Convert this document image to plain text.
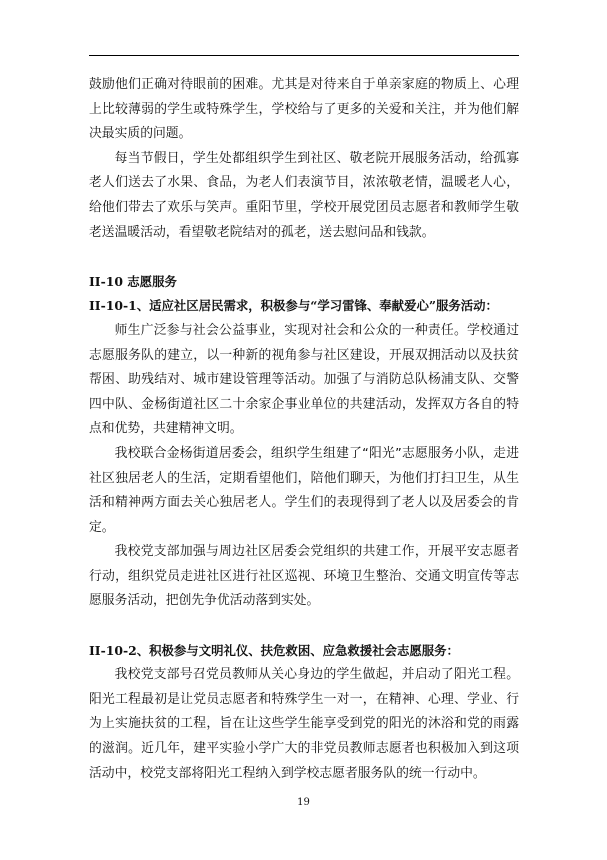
鼓励他们正确对待眼前的困难。尤其是对待来自于单亲家庭的物质上、心理上比较薄弱的学生或特殊学生，学校给与了更多的关爱和关注，并为他们解决最实质的问题。

每当节假日，学生处都组织学生到社区、敬老院开展服务活动，给孤寡老人们送去了水果、食品，为老人们表演节目，浓浓敬老情，温暖老人心，给他们带去了欢乐与笑声。重阳节里，学校开展党团员志愿者和教师学生敬老送温暖活动，看望敬老院结对的孤老，送去慰问品和钱款。

II-10 志愿服务

II-10-1、适应社区居民需求，积极参与“学习雷锋、奉献爱心”服务活动：

师生广泛参与社会公益事业，实现对社会和公众的一种责任。学校通过志愿服务队的建立，以一种新的视角参与社区建设，开展双拥活动以及扶贫帮困、助残结对、城市建设管理等活动。加强了与消防总队杨浦支队、交警四中队、金杨街道社区二十余家企事业单位的共建活动，发挥双方各自的特点和优势，共建精神文明。

我校联合金杨街道居委会，组织学生组建了“阳光”志愿服务小队，走进社区独居老人的生活，定期看望他们，陪他们聊天，为他们打扫卫生，从生活和精神两方面去关心独居老人。学生们的表现得到了老人以及居委会的肯定。

我校党支部加强与周边社区居委会党组织的共建工作，开展平安志愿者行动，组织党员走进社区进行社区巡视、环境卫生整治、交通文明宣传等志愿服务活动，把创先争优活动落到实处。

II-10-2、积极参与文明礼仪、扶危救困、应急救援社会志愿服务：

我校党支部号召党员教师从关心身边的学生做起，并启动了阳光工程。阳光工程最初是让党员志愿者和特殊学生一对一，在精神、心理、学业、行为上实施扶贫的工程，旨在让这些学生能享受到党的阳光的沐浴和党的雨露的滋润。近几年，建平实验小学广大的非党员教师志愿者也积极加入到这项活动中，校党支部将阳光工程纳入到学校志愿者服务队的统一行动中。

19
